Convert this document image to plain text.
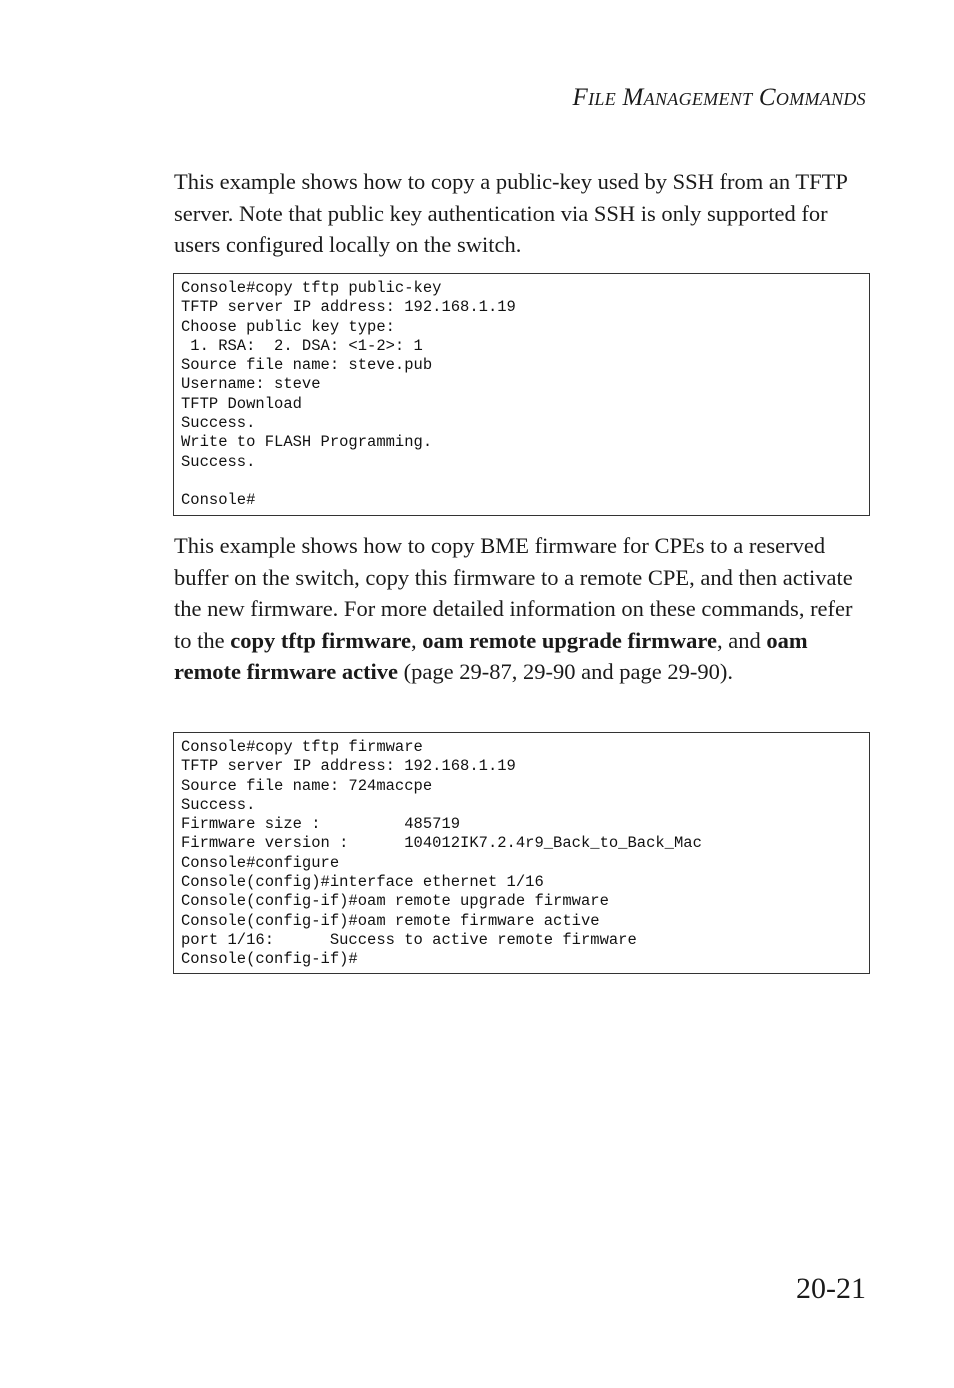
File Management Commands

This example shows how to copy a public-key used by SSH from an TFTP server. Note that public key authentication via SSH is only supported for users configured locally on the switch.

Console#copy tftp public-key
TFTP server IP address: 192.168.1.19
Choose public key type:
1. RSA:  2. DSA: <1-2>: 1
Source file name: steve.pub
Username: steve
TFTP Download
Success.
Write to FLASH Programming.
Success.
Console#

This example shows how to copy BME firmware for CPEs to a reserved buffer on the switch, copy this firmware to a remote CPE, and then activate the new firmware. For more detailed information on these commands, refer to the copy tftp firmware, oam remote upgrade firmware, and oam remote firmware active (page 29-87, 29-90 and page 29-90).

Console#copy tftp firmware
TFTP server IP address: 192.168.1.19
Source file name: 724maccpe
Success.
Firmware size :         485719
Firmware version :      104012IK7.2.4r9_Back_to_Back_Mac
Console#configure
Console(config)#interface ethernet 1/16
Console(config-if)#oam remote upgrade firmware
Console(config-if)#oam remote firmware active
port 1/16:      Success to active remote firmware
Console(config-if)#
20-21
